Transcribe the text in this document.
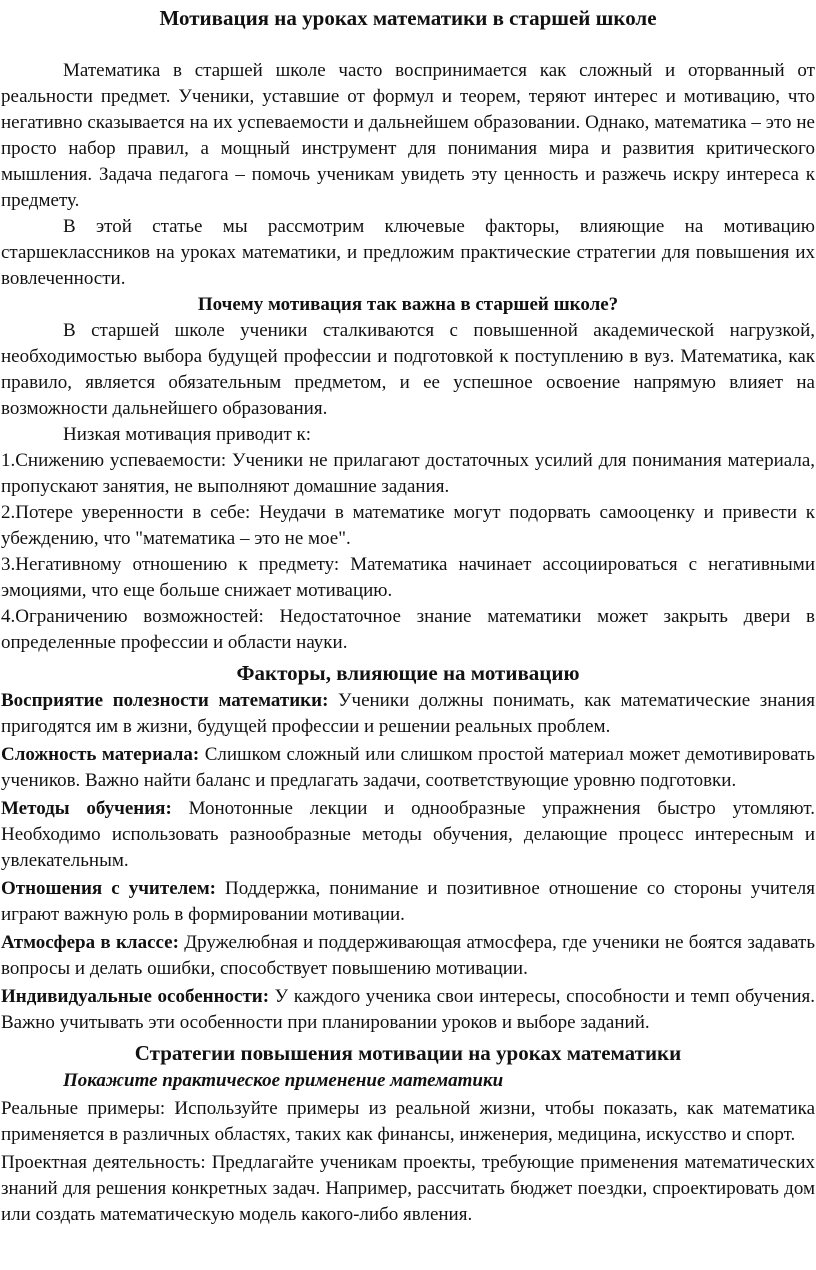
Мотивация на уроках математики в старшей школе

Математика в старшей школе часто воспринимается как сложный и оторванный от реальности предмет. Ученики, уставшие от формул и теорем, теряют интерес и мотивацию, что негативно сказывается на их успеваемости и дальнейшем образовании. Однако, математика – это не просто набор правил, а мощный инструмент для понимания мира и развития критического мышления. Задача педагога – помочь ученикам увидеть эту ценность и разжечь искру интереса к предмету.

В этой статье мы рассмотрим ключевые факторы, влияющие на мотивацию старшеклассников на уроках математики, и предложим практические стратегии для повышения их вовлеченности.

Почему мотивация так важна в старшей школе?

В старшей школе ученики сталкиваются с повышенной академической нагрузкой, необходимостью выбора будущей профессии и подготовкой к поступлению в вуз. Математика, как правило, является обязательным предметом, и ее успешное освоение напрямую влияет на возможности дальнейшего образования.

Низкая мотивация приводит к:

1.Снижению успеваемости: Ученики не прилагают достаточных усилий для понимания материала, пропускают занятия, не выполняют домашние задания.

2.Потере уверенности в себе: Неудачи в математике могут подорвать самооценку и привести к убеждению, что "математика – это не мое".

3.Негативному отношению к предмету: Математика начинает ассоциироваться с негативными эмоциями, что еще больше снижает мотивацию.

4.Ограничению возможностей: Недостаточное знание математики может закрыть двери в определенные профессии и области науки.

Факторы, влияющие на мотивацию

Восприятие полезности математики: Ученики должны понимать, как математические знания пригодятся им в жизни, будущей профессии и решении реальных проблем.

Сложность материала: Слишком сложный или слишком простой материал может демотивировать учеников. Важно найти баланс и предлагать задачи, соответствующие уровню подготовки.

Методы обучения: Монотонные лекции и однообразные упражнения быстро утомляют. Необходимо использовать разнообразные методы обучения, делающие процесс интересным и увлекательным.

Отношения с учителем: Поддержка, понимание и позитивное отношение со стороны учителя играют важную роль в формировании мотивации.

Атмосфера в классе: Дружелюбная и поддерживающая атмосфера, где ученики не боятся задавать вопросы и делать ошибки, способствует повышению мотивации.

Индивидуальные особенности: У каждого ученика свои интересы, способности и темп обучения. Важно учитывать эти особенности при планировании уроков и выборе заданий.

Стратегии повышения мотивации на уроках математики
Покажите практическое применение математики

Реальные примеры: Используйте примеры из реальной жизни, чтобы показать, как математика применяется в различных областях, таких как финансы, инженерия, медицина, искусство и спорт.

Проектная деятельность: Предлагайте ученикам проекты, требующие применения математических знаний для решения конкретных задач. Например, рассчитать бюджет поездки, спроектировать дом или создать математическую модель какого-либо явления.
